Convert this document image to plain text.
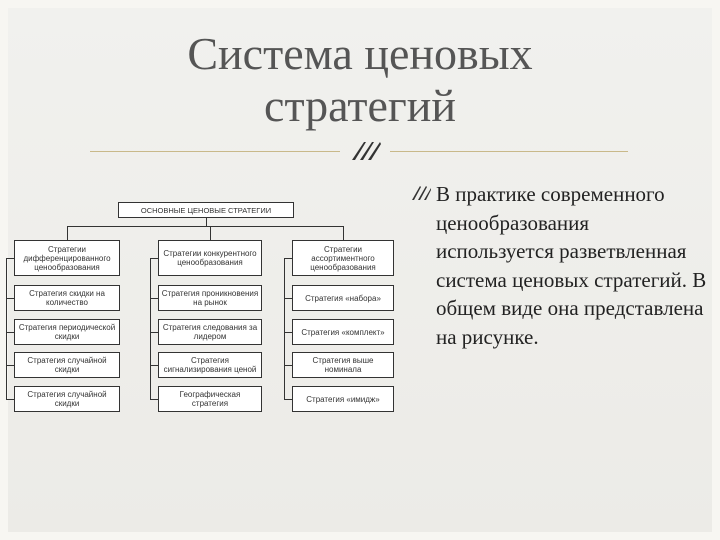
Система ценовых
стратегий
В практике современного ценообразования используется разветвленная система ценовых стратегий. В общем виде она представлена на рисунке.
ОСНОВНЫЕ ЦЕНОВЫЕ СТРАТЕГИИ
Стратегии дифференцированного ценообразования
Стратегия скидки на количество
Стратегия периодической скидки
Стратегия случайной скидки
Стратегия случайной скидки
Стратегии конкурентного ценообразования
Стратегия проникновения на рынок
Стратегия следования за лидером
Стратегия сигнализирования ценой
Географическая стратегия
Стратегии ассортиментного ценообразования
Стратегия «набора»
Стратегия «комплект»
Стратегия выше номинала
Стратегия «имидж»
